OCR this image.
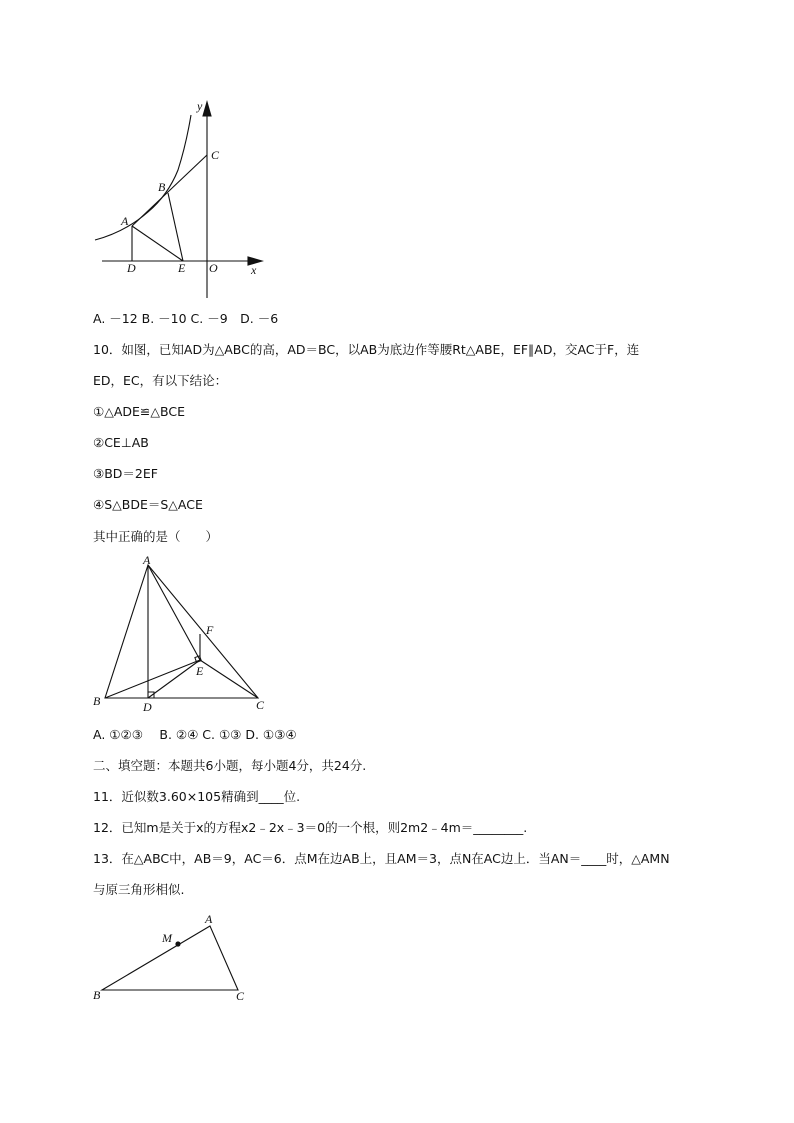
y
x
C
B
A
D	E O
A. －12 B. －10 C. －9　D. －6
10．如图，已知AD为△ABC的高，AD＝BC，以AB为底边作等腰Rt△ABE，EF∥AD，交AC于F，连
ED，EC，有以下结论：
①△ADE≌△BCE
②CE⊥AB
③BD＝2EF
④S△BDE＝S△ACE
其中正确的是（　　）
A
F
E
B	D	C
A. ①②③　 B. ②④ C. ①③ D. ①③④
二、填空题：本题共6小题，每小题4分，共24分.
11．近似数3.60×105精确到____位.
12．已知m是关于x的方程x2﹣2x﹣3＝0的一个根，则2m2﹣4m＝________.
13．在△ABC中，AB＝9，AC＝6．点M在边AB上，且AM＝3，点N在AC边上．当AN＝____时，△AMN
与原三角形相似.
A
M
B	C
